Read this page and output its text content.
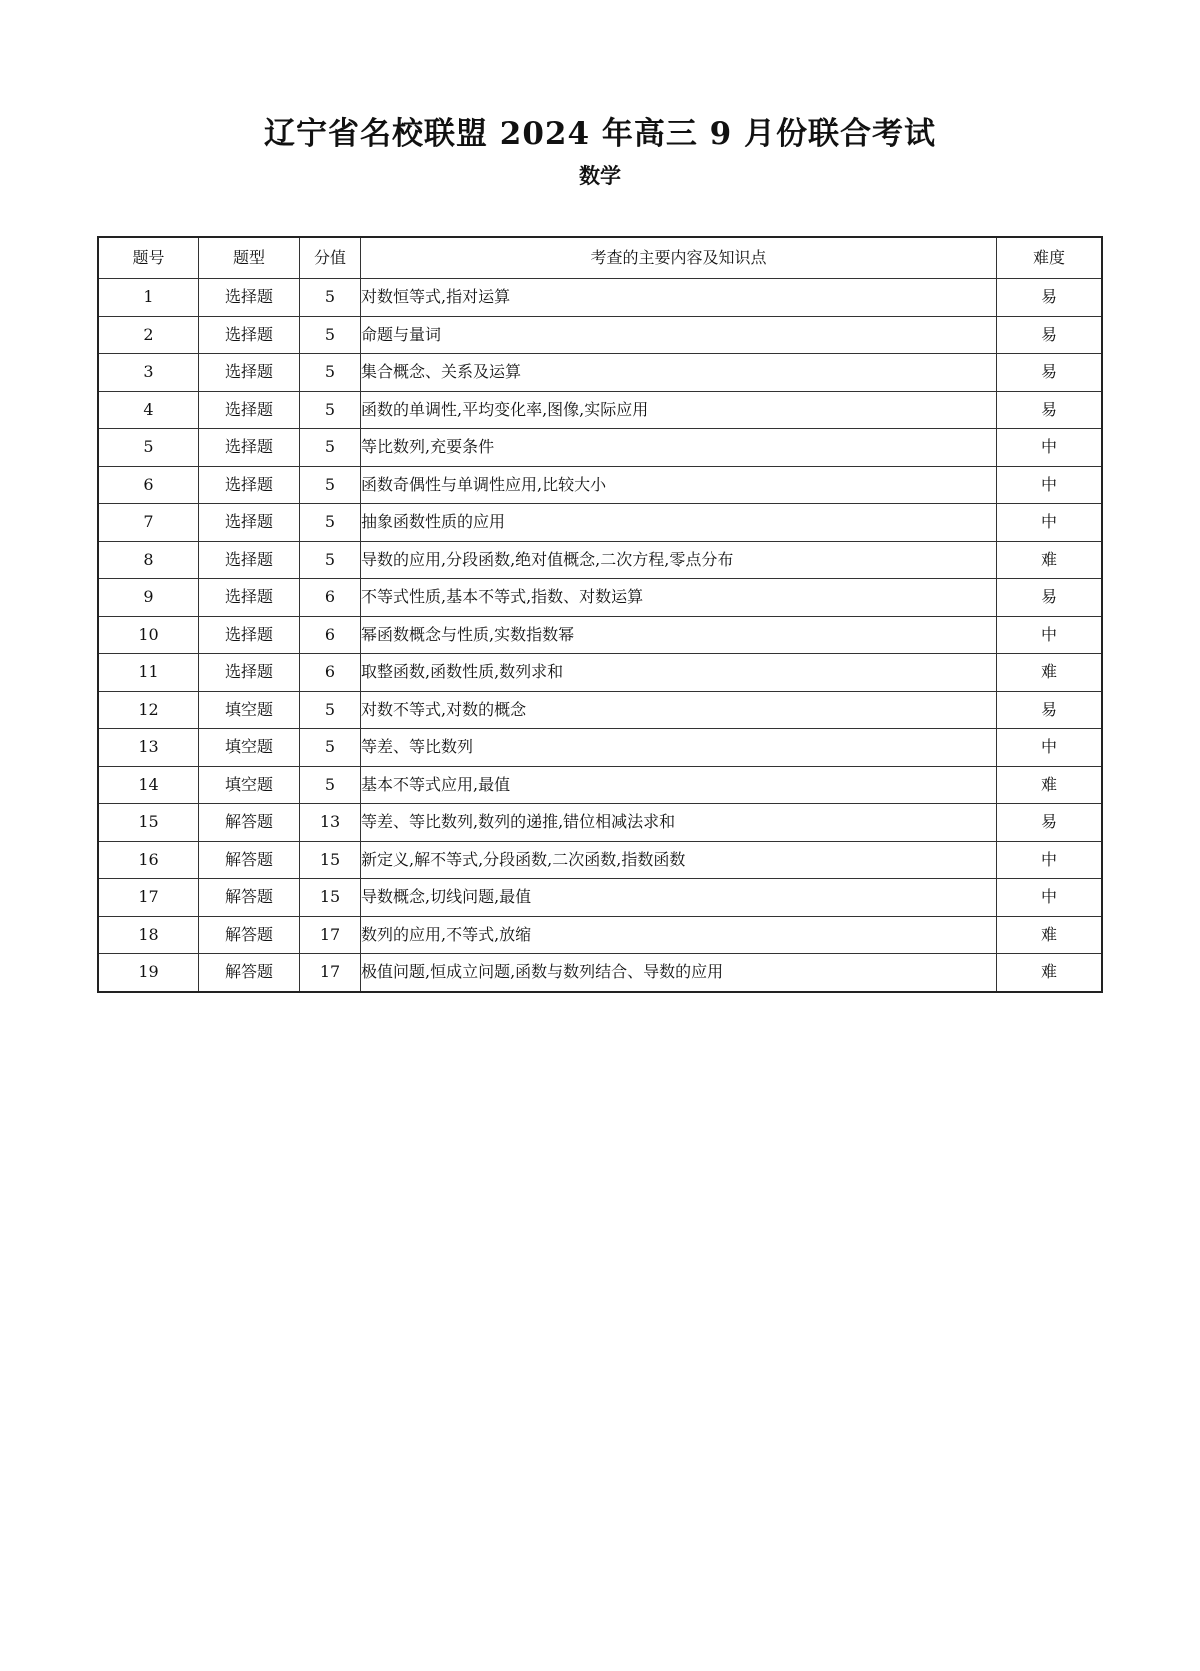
辽宁省名校联盟 2024 年高三 9 月份联合考试
数学
题号	题型	分值	考查的主要内容及知识点	难度
1	选择题	5	对数恒等式,指对运算	易
2	选择题	5	命题与量词	易
3	选择题	5	集合概念、关系及运算	易
4	选择题	5	函数的单调性,平均变化率,图像,实际应用	易
5	选择题	5	等比数列,充要条件	中
6	选择题	5	函数奇偶性与单调性应用,比较大小	中
7	选择题	5	抽象函数性质的应用	中
8	选择题	5	导数的应用,分段函数,绝对值概念,二次方程,零点分布	难
9	选择题	6	不等式性质,基本不等式,指数、对数运算	易
10	选择题	6	幂函数概念与性质,实数指数幂	中
11	选择题	6	取整函数,函数性质,数列求和	难
12	填空题	5	对数不等式,对数的概念	易
13	填空题	5	等差、等比数列	中
14	填空题	5	基本不等式应用,最值	难
15	解答题	13	等差、等比数列,数列的递推,错位相减法求和	易
16	解答题	15	新定义,解不等式,分段函数,二次函数,指数函数	中
17	解答题	15	导数概念,切线问题,最值	中
18	解答题	17	数列的应用,不等式,放缩	难
19	解答题	17	极值问题,恒成立问题,函数与数列结合、导数的应用	难
